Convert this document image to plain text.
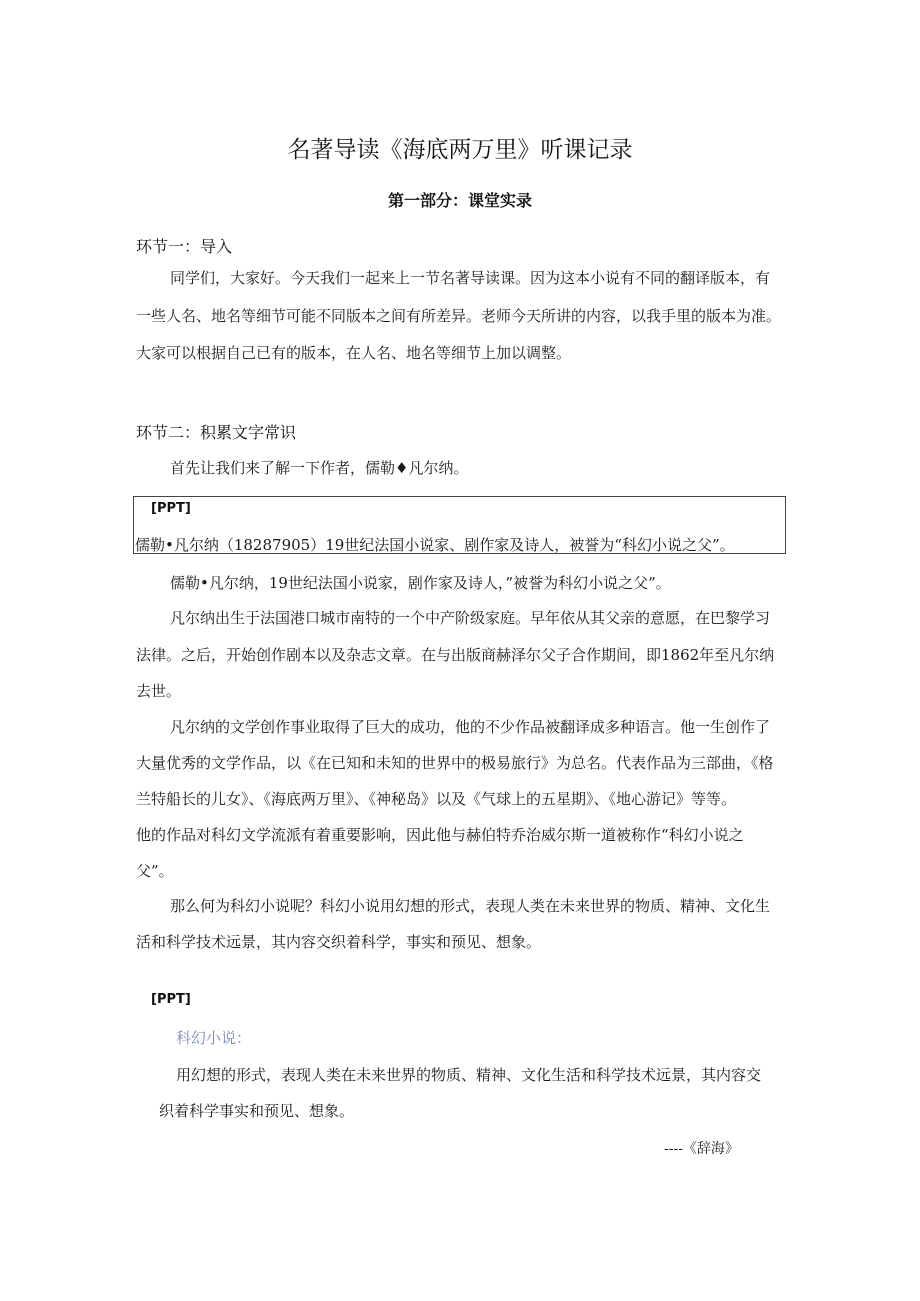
名著导读《海底两万里》听课记录
第一部分：课堂实录
环节一：导入
同学们，大家好。今天我们一起来上一节名著导读课。因为这本小说有不同的翻译版本，有
一些人名、地名等细节可能不同版本之间有所差异。老师今天所讲的内容，以我手里的版本为准。
大家可以根据自己已有的版本，在人名、地名等细节上加以调整。
环节二：积累文字常识
首先让我们来了解一下作者，儒勒♦凡尔纳。
[PPT]
儒勒•凡尔纳（18287905）19世纪法国小说家、剧作家及诗人，被誉为“科幻小说之父”。
儒勒•凡尔纳，19世纪法国小说家，剧作家及诗人，”被誉为科幻小说之父”。
凡尔纳出生于法国港口城市南特的一个中产阶级家庭。早年依从其父亲的意愿，在巴黎学习
法律。之后，开始创作剧本以及杂志文章。在与出版商赫泽尔父子合作期间，即1862年至凡尔纳
去世。
凡尔纳的文学创作事业取得了巨大的成功，他的不少作品被翻译成多种语言。他一生创作了
大量优秀的文学作品，以《在已知和未知的世界中的极易旅行》为总名。代表作品为三部曲，《格
兰特船长的儿女》、《海底两万里》、《神秘岛》以及《气球上的五星期》、《地心游记》等等。
他的作品对科幻文学流派有着重要影响，因此他与赫伯特乔治威尔斯一道被称作“科幻小说之
父”。
那么何为科幻小说呢？科幻小说用幻想的形式，表现人类在未来世界的物质、精神、文化生
活和科学技术远景，其内容交织着科学，事实和预见、想象。
[PPT]
科幻小说：
用幻想的形式，表现人类在未来世界的物质、精神、文化生活和科学技术远景，其内容交
织着科学事实和预见、想象。
----《辞海》
